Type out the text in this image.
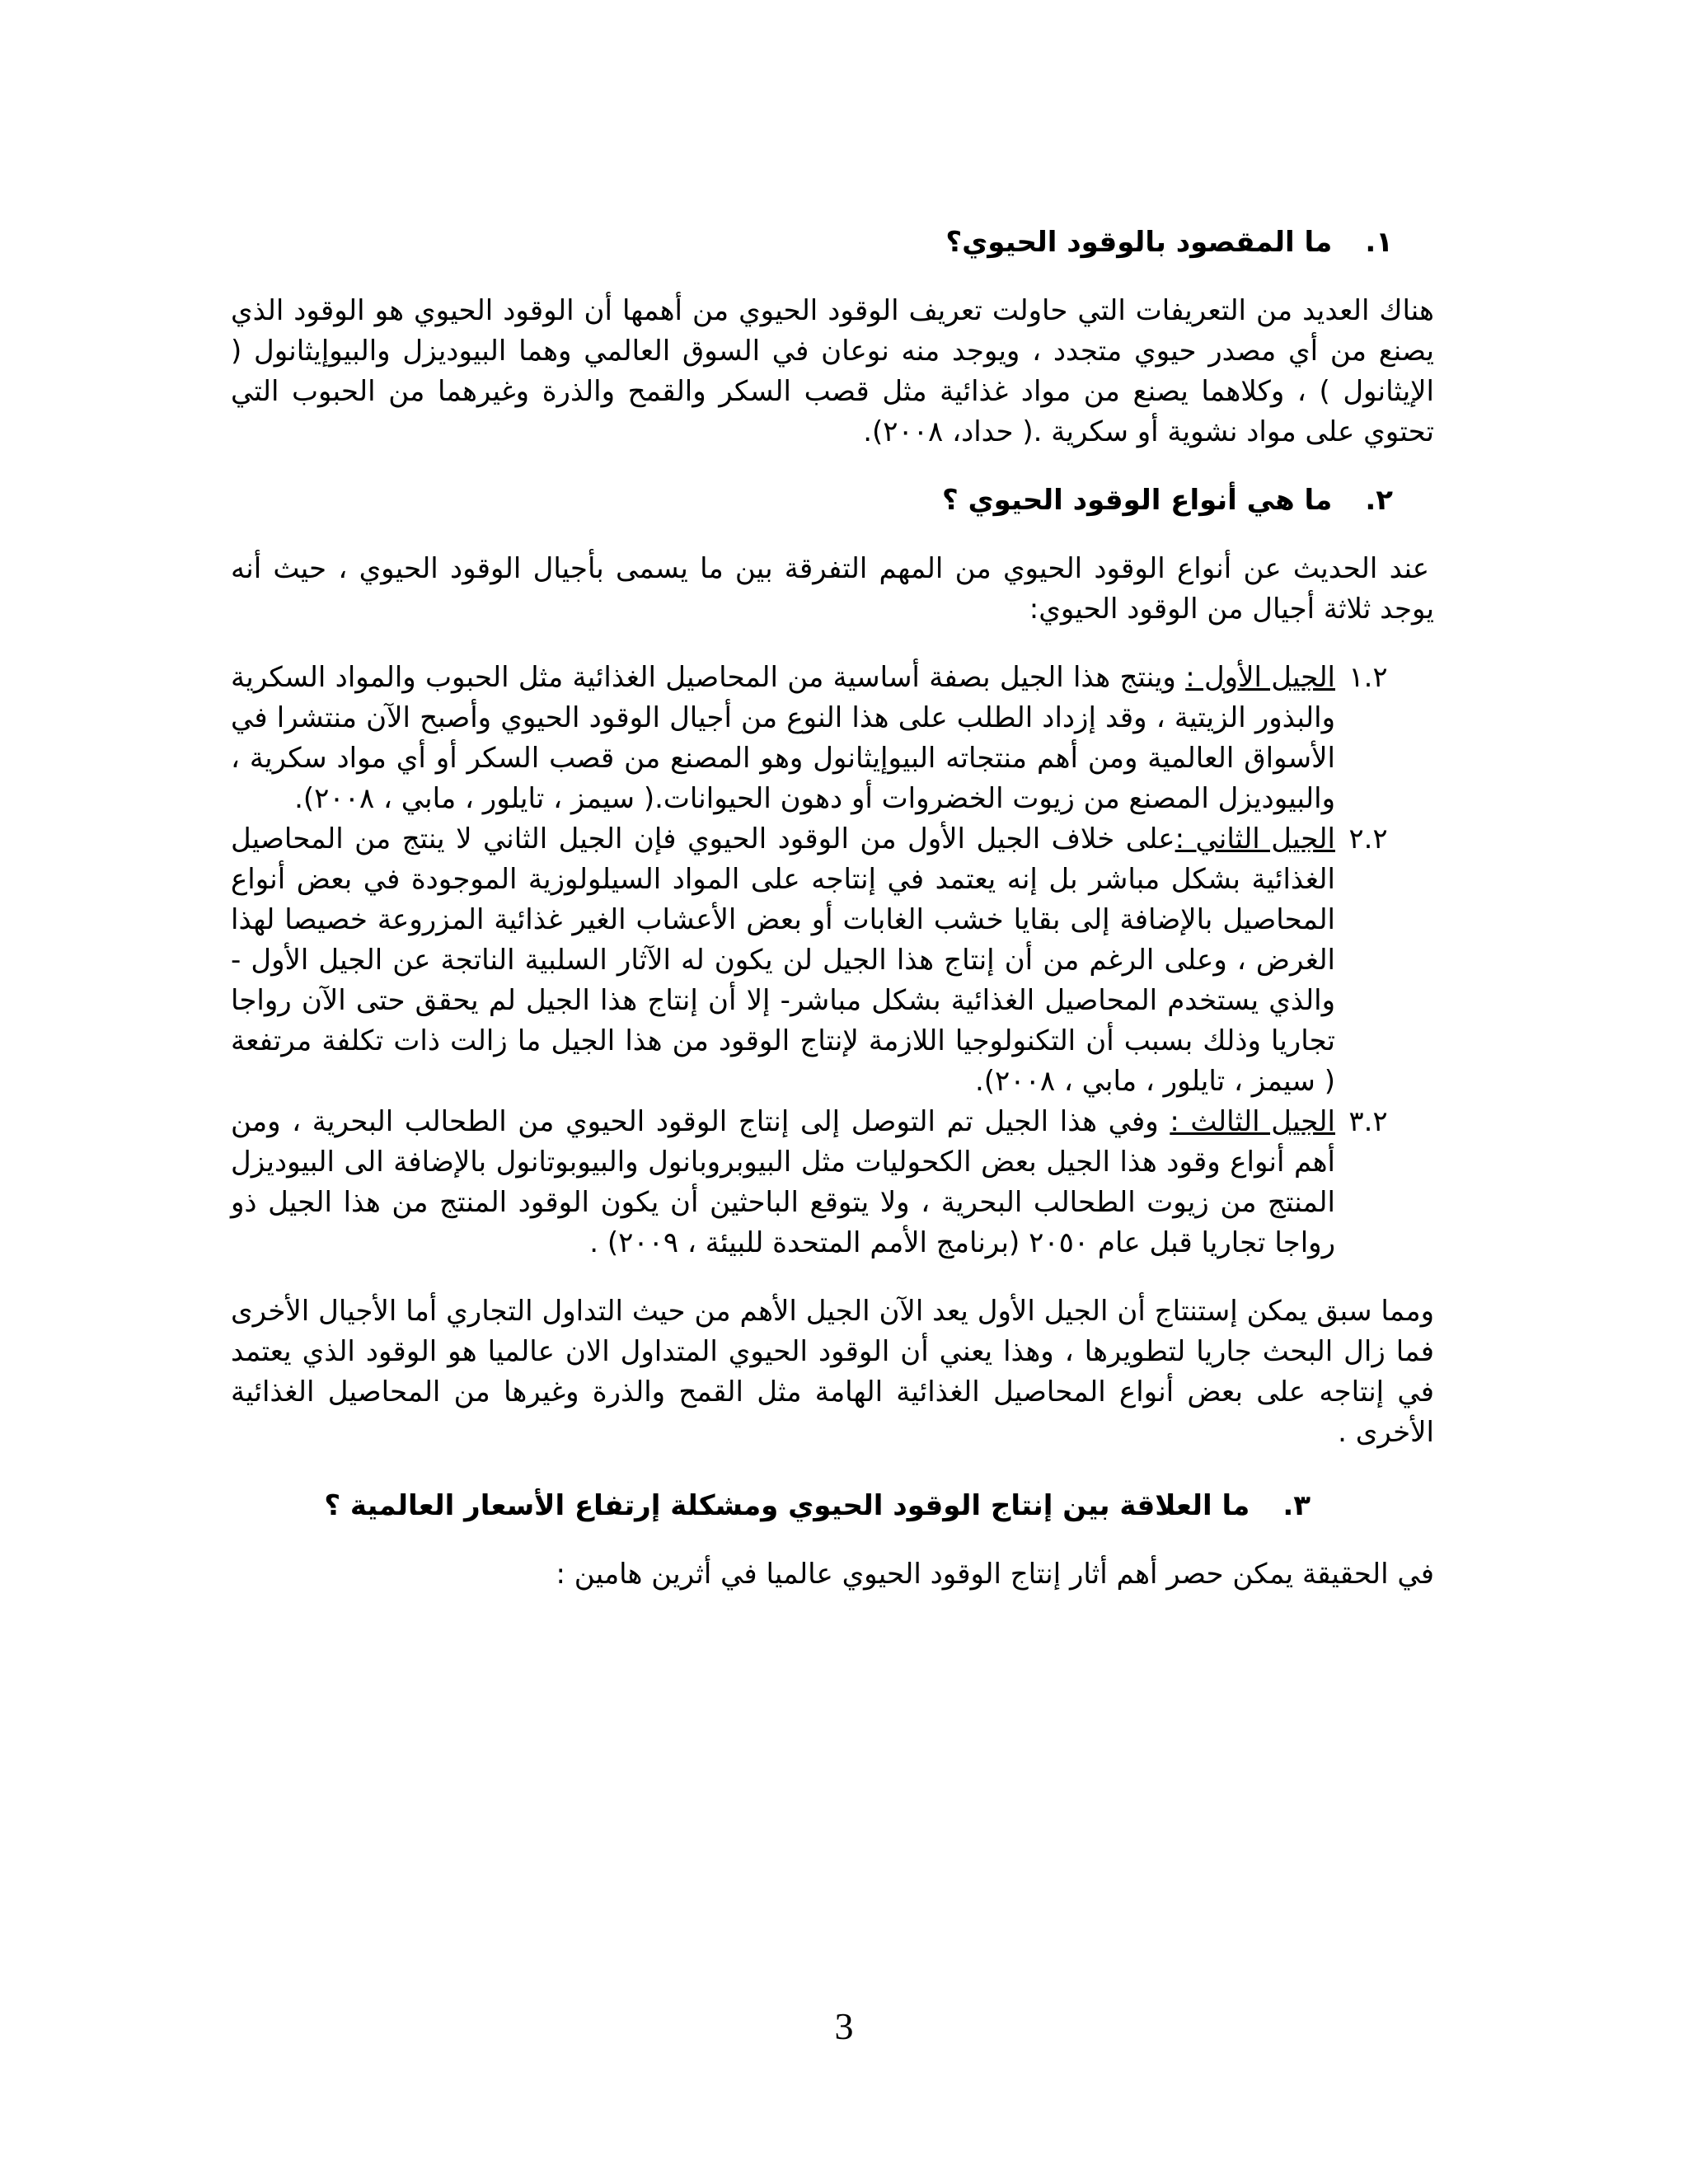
١.

ما المقصود بالوقود الحيوي؟

هناك العديد من التعريفات التي حاولت تعريف الوقود الحيوي من أهمها أن الوقود الحيوي هو الوقود الذي يصنع من أي مصدر حيوي متجدد ، ويوجد منه نوعان في السوق العالمي وهما البيوديزل والبيوإيثانول ( الإيثانول ) ، وكلاهما يصنع من مواد غذائية مثل قصب السكر والقمح والذرة وغيرهما من الحبوب التي تحتوي على مواد نشوية أو سكرية .( حداد، ٢٠٠٨).

٢.

ما هي أنواع الوقود الحيوي ؟

عند الحديث عن أنواع الوقود الحيوي من المهم التفرقة بين ما يسمى بأجيال الوقود الحيوي ، حيث أنه يوجد ثلاثة أجيال من الوقود الحيوي:

١.٢
الجيل الأول : وينتج هذا الجيل بصفة أساسية من المحاصيل الغذائية مثل الحبوب والمواد السكرية والبذور الزيتية ، وقد إزداد الطلب على هذا النوع من أجيال الوقود الحيوي وأصبح الآن منتشرا في الأسواق العالمية ومن أهم منتجاته البيوإيثانول وهو المصنع من قصب السكر أو أي مواد سكرية ، والبيوديزل المصنع من زيوت الخضروات أو دهون الحيوانات.( سيمز ، تايلور ، مابي ، ٢٠٠٨).
٢.٢
الجيل الثاني :على خلاف الجيل الأول من الوقود الحيوي فإن الجيل الثاني لا ينتج من المحاصيل الغذائية بشكل مباشر بل إنه يعتمد في إنتاجه على المواد السيلولوزية الموجودة في بعض أنواع المحاصيل بالإضافة إلى بقايا خشب الغابات أو بعض الأعشاب الغير غذائية المزروعة خصيصا لهذا الغرض ، وعلى الرغم من أن إنتاج هذا الجيل لن يكون له الآثار السلبية الناتجة عن الجيل الأول - والذي يستخدم المحاصيل الغذائية بشكل مباشر- إلا أن إنتاج هذا الجيل لم يحقق حتى الآن رواجا تجاريا وذلك بسبب أن التكنولوجيا اللازمة لإنتاج الوقود من هذا الجيل ما زالت ذات تكلفة مرتفعة ( سيمز ، تايلور ، مابي ، ٢٠٠٨).
٣.٢
الجيل الثالث : وفي هذا الجيل تم التوصل إلى إنتاج الوقود الحيوي من الطحالب البحرية ، ومن أهم أنواع وقود هذا الجيل بعض الكحوليات مثل البيوبروبانول والبيوبوتانول بالإضافة الى البيوديزل المنتج من زيوت الطحالب البحرية ، ولا يتوقع الباحثين أن يكون الوقود المنتج من هذا الجيل ذو رواجا تجاريا قبل عام ٢٠٥٠ (برنامج الأمم المتحدة للبيئة ، ٢٠٠٩) .

ومما سبق يمكن إستنتاج أن الجيل الأول يعد الآن الجيل الأهم من حيث التداول التجاري أما الأجيال الأخرى فما زال البحث جاريا لتطويرها ، وهذا يعني أن الوقود الحيوي المتداول الان عالميا هو الوقود الذي يعتمد في إنتاجه على بعض أنواع المحاصيل الغذائية الهامة مثل القمح والذرة وغيرها من المحاصيل الغذائية الأخرى .

٣.

ما العلاقة بين إنتاج الوقود الحيوي ومشكلة إرتفاع الأسعار العالمية ؟

في الحقيقة يمكن حصر أهم أثار إنتاج الوقود الحيوي عالميا في أثرين هامين :

3
